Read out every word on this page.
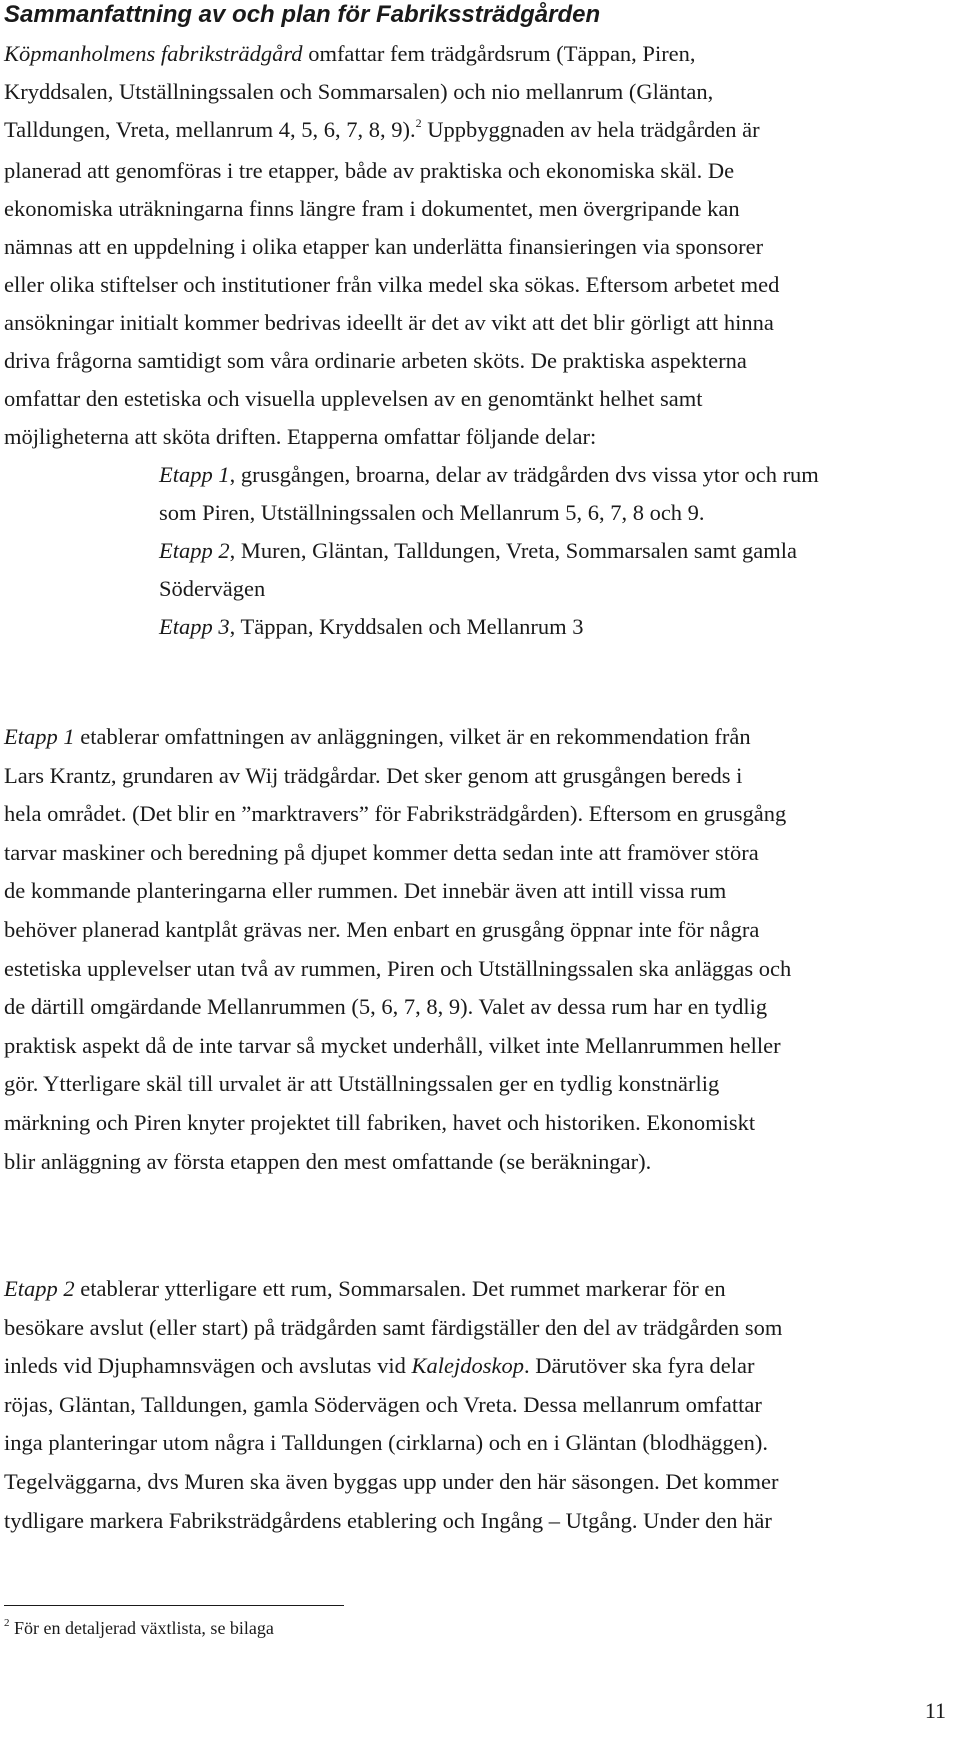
Sammanfattning av och plan för Fabrikssträdgården
Köpmanholmens fabriksträdgård omfattar fem trädgårdsrum (Täppan, Piren,
Kryddsalen, Utställningssalen och Sommarsalen) och nio mellanrum (Gläntan,
Talldungen, Vreta, mellanrum 4, 5, 6, 7, 8, 9).$^2$ Uppbyggnaden av hela trädgården är
planerad att genomföras i tre etapper, både av praktiska och ekonomiska skäl. De
ekonomiska uträkningarna finns längre fram i dokumentet, men övergripande kan
nämnas att en uppdelning i olika etapper kan underlätta finansieringen via sponsorer
eller olika stiftelser och institutioner från vilka medel ska sökas. Eftersom arbetet med
ansökningar initialt kommer bedrivas ideellt är det av vikt att det blir görligt att hinna
driva frågorna samtidigt som våra ordinarie arbeten sköts. De praktiska aspekterna
omfattar den estetiska och visuella upplevelsen av en genomtänkt helhet samt
möjligheterna att sköta driften. Etapperna omfattar följande delar:
Etapp 1, grusgången, broarna, delar av trädgården dvs vissa ytor och rum
som Piren, Utställningssalen och Mellanrum 5, 6, 7, 8 och 9.
Etapp 2, Muren, Gläntan, Talldungen, Vreta, Sommarsalen samt gamla
Södervägen
Etapp 3, Täppan, Kryddsalen och Mellanrum 3
Etapp 1 etablerar omfattningen av anläggningen, vilket är en rekommendation från
Lars Krantz, grundaren av Wij trädgårdar. Det sker genom att grusgången bereds i
hela området. (Det blir en ”marktravers” för Fabriksträdgården). Eftersom en grusgång
tarvar maskiner och beredning på djupet kommer detta sedan inte att framöver störa
de kommande planteringarna eller rummen. Det innebär även att intill vissa rum
behöver planerad kantplåt grävas ner. Men enbart en grusgång öppnar inte för några
estetiska upplevelser utan två av rummen, Piren och Utställningssalen ska anläggas och
de därtill omgärdande Mellanrummen (5, 6, 7, 8, 9). Valet av dessa rum har en tydlig
praktisk aspekt då de inte tarvar så mycket underhåll, vilket inte Mellanrummen heller
gör. Ytterligare skäl till urvalet är att Utställningssalen ger en tydlig konstnärlig
märkning och Piren knyter projektet till fabriken, havet och historiken. Ekonomiskt
blir anläggning av första etappen den mest omfattande (se beräkningar).
Etapp 2 etablerar ytterligare ett rum, Sommarsalen. Det rummet markerar för en
besökare avslut (eller start) på trädgården samt färdigställer den del av trädgården som
inleds vid Djuphamnsvägen och avslutas vid Kalejdoskop. Därutöver ska fyra delar
röjas, Gläntan, Talldungen, gamla Södervägen och Vreta. Dessa mellanrum omfattar
inga planteringar utom några i Talldungen (cirklarna) och en i Gläntan (blodhäggen).
Tegelväggarna, dvs Muren ska även byggas upp under den här säsongen. Det kommer
tydligare markera Fabriksträdgårdens etablering och Ingång – Utgång. Under den här
$^2$ För en detaljerad växtlista, se bilaga
11
